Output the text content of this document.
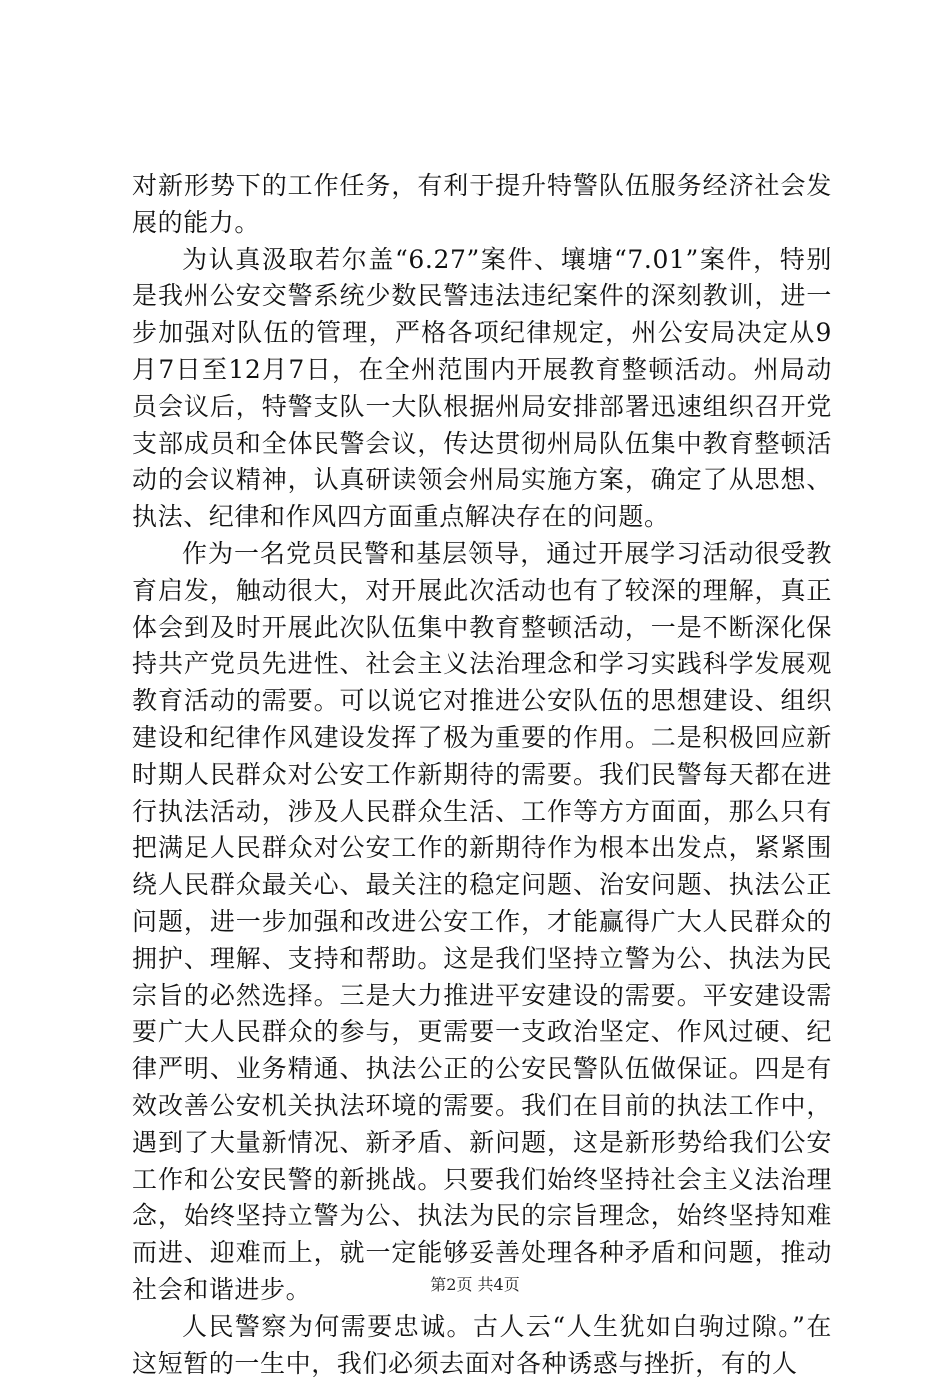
对新形势下的工作任务，有利于提升特警队伍服务经济社会发展的能力。

为认真汲取若尔盖“6.27”案件、壤塘“7.01”案件，特别是我州公安交警系统少数民警违法违纪案件的深刻教训，进一步加强对队伍的管理，严格各项纪律规定，州公安局决定从9月7日至12月7日，在全州范围内开展教育整顿活动。州局动员会议后，特警支队一大队根据州局安排部署迅速组织召开党支部成员和全体民警会议，传达贯彻州局队伍集中教育整顿活动的会议精神，认真研读领会州局实施方案，确定了从思想、执法、纪律和作风四方面重点解决存在的问题。

作为一名党员民警和基层领导，通过开展学习活动很受教育启发，触动很大，对开展此次活动也有了较深的理解，真正体会到及时开展此次队伍集中教育整顿活动，一是不断深化保持共产党员先进性、社会主义法治理念和学习实践科学发展观教育活动的需要。可以说它对推进公安队伍的思想建设、组织建设和纪律作风建设发挥了极为重要的作用。二是积极回应新时期人民群众对公安工作新期待的需要。我们民警每天都在进行执法活动，涉及人民群众生活、工作等方方面面，那么只有把满足人民群众对公安工作的新期待作为根本出发点，紧紧围绕人民群众最关心、最关注的稳定问题、治安问题、执法公正问题，进一步加强和改进公安工作，才能赢得广大人民群众的拥护、理解、支持和帮助。这是我们坚持立警为公、执法为民宗旨的必然选择。三是大力推进平安建设的需要。平安建设需要广大人民群众的参与，更需要一支政治坚定、作风过硬、纪律严明、业务精通、执法公正的公安民警队伍做保证。四是有效改善公安机关执法环境的需要。我们在目前的执法工作中，遇到了大量新情况、新矛盾、新问题，这是新形势给我们公安工作和公安民警的新挑战。只要我们始终坚持社会主义法治理念，始终坚持立警为公、执法为民的宗旨理念，始终坚持知难而进、迎难而上，就一定能够妥善处理各种矛盾和问题，推动社会和谐进步。

人民警察为何需要忠诚。古人云“人生犹如白驹过隙。”在这短暂的一生中，我们必须去面对各种诱惑与挫折，有的人

第2页 共4页
